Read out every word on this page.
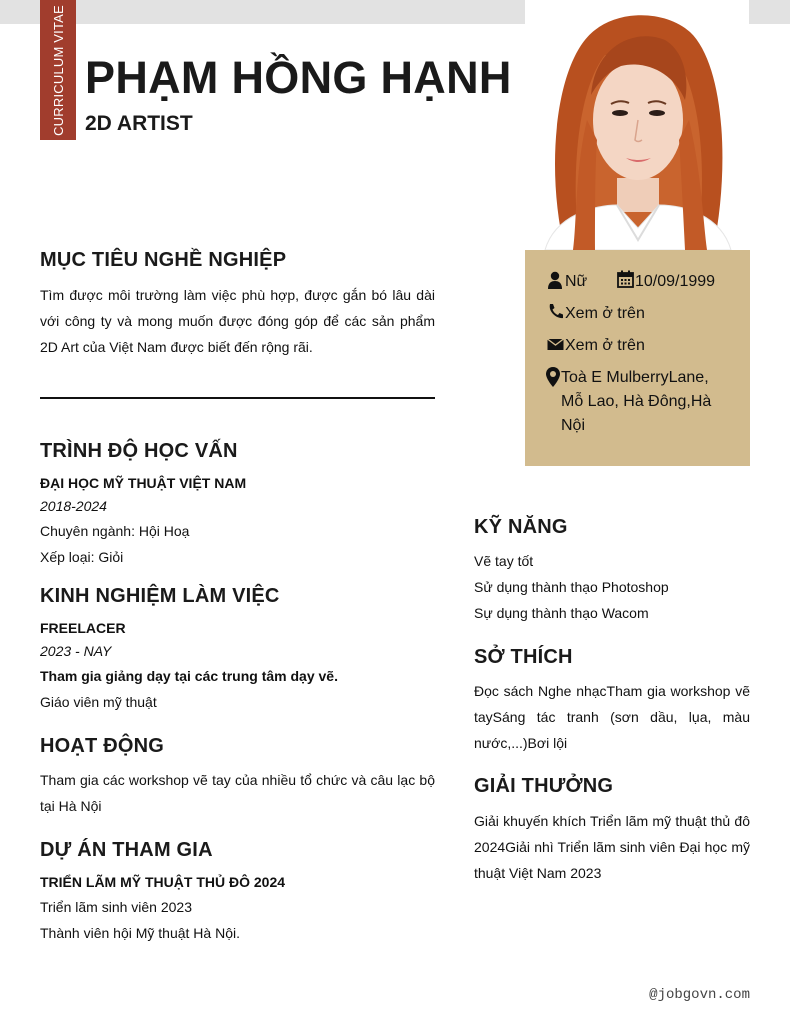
CURRICULUM VITAE PHẠM HỒNG HẠNH
2D ARTIST
Nữ	10/09/1999
Xem ở trên
Xem ở trên
Toà E MulberryLane, Mỗ Lao, Hà Đông,Hà Nội
MỤC TIÊU NGHỀ NGHIỆP
Tìm được môi trường làm việc phù hợp, được gắn bó lâu dài với công ty và mong muốn được đóng góp để các sản phẩm 2D Art của Việt Nam được biết đến rộng rãi.
TRÌNH ĐỘ HỌC VẤN
ĐẠI HỌC MỸ THUẬT VIỆT NAM
2018-2024
Chuyên ngành: Hội Hoạ
Xếp loại: Giỏi
KINH NGHIỆM LÀM VIỆC
FREELACER
2023 - NAY
Tham gia giảng dạy tại các trung tâm dạy vẽ.
Giáo viên mỹ thuật
HOẠT ĐỘNG
Tham gia các workshop vẽ tay của nhiều tổ chức và câu lạc bộ tại Hà Nội
DỰ ÁN THAM GIA
TRIỂN LÃM MỸ THUẬT THỦ ĐÔ 2024
Triển lãm sinh viên 2023
Thành viên hội Mỹ thuật Hà Nội.
KỸ NĂNG
Vẽ tay tốt
Sử dụng thành thạo Photoshop
Sự dụng thành thạo Wacom
SỞ THÍCH
Đọc sách Nghe nhạcTham gia workshop vẽ taySáng tác tranh (sơn dầu, lụa, màu nước,...)Bơi lội
GIẢI THƯỞNG
Giải khuyến khích Triển lãm mỹ thuật thủ đô 2024Giải nhì Triển lãm sinh viên Đại học mỹ thuật Việt Nam 2023
@jobgovn.com
